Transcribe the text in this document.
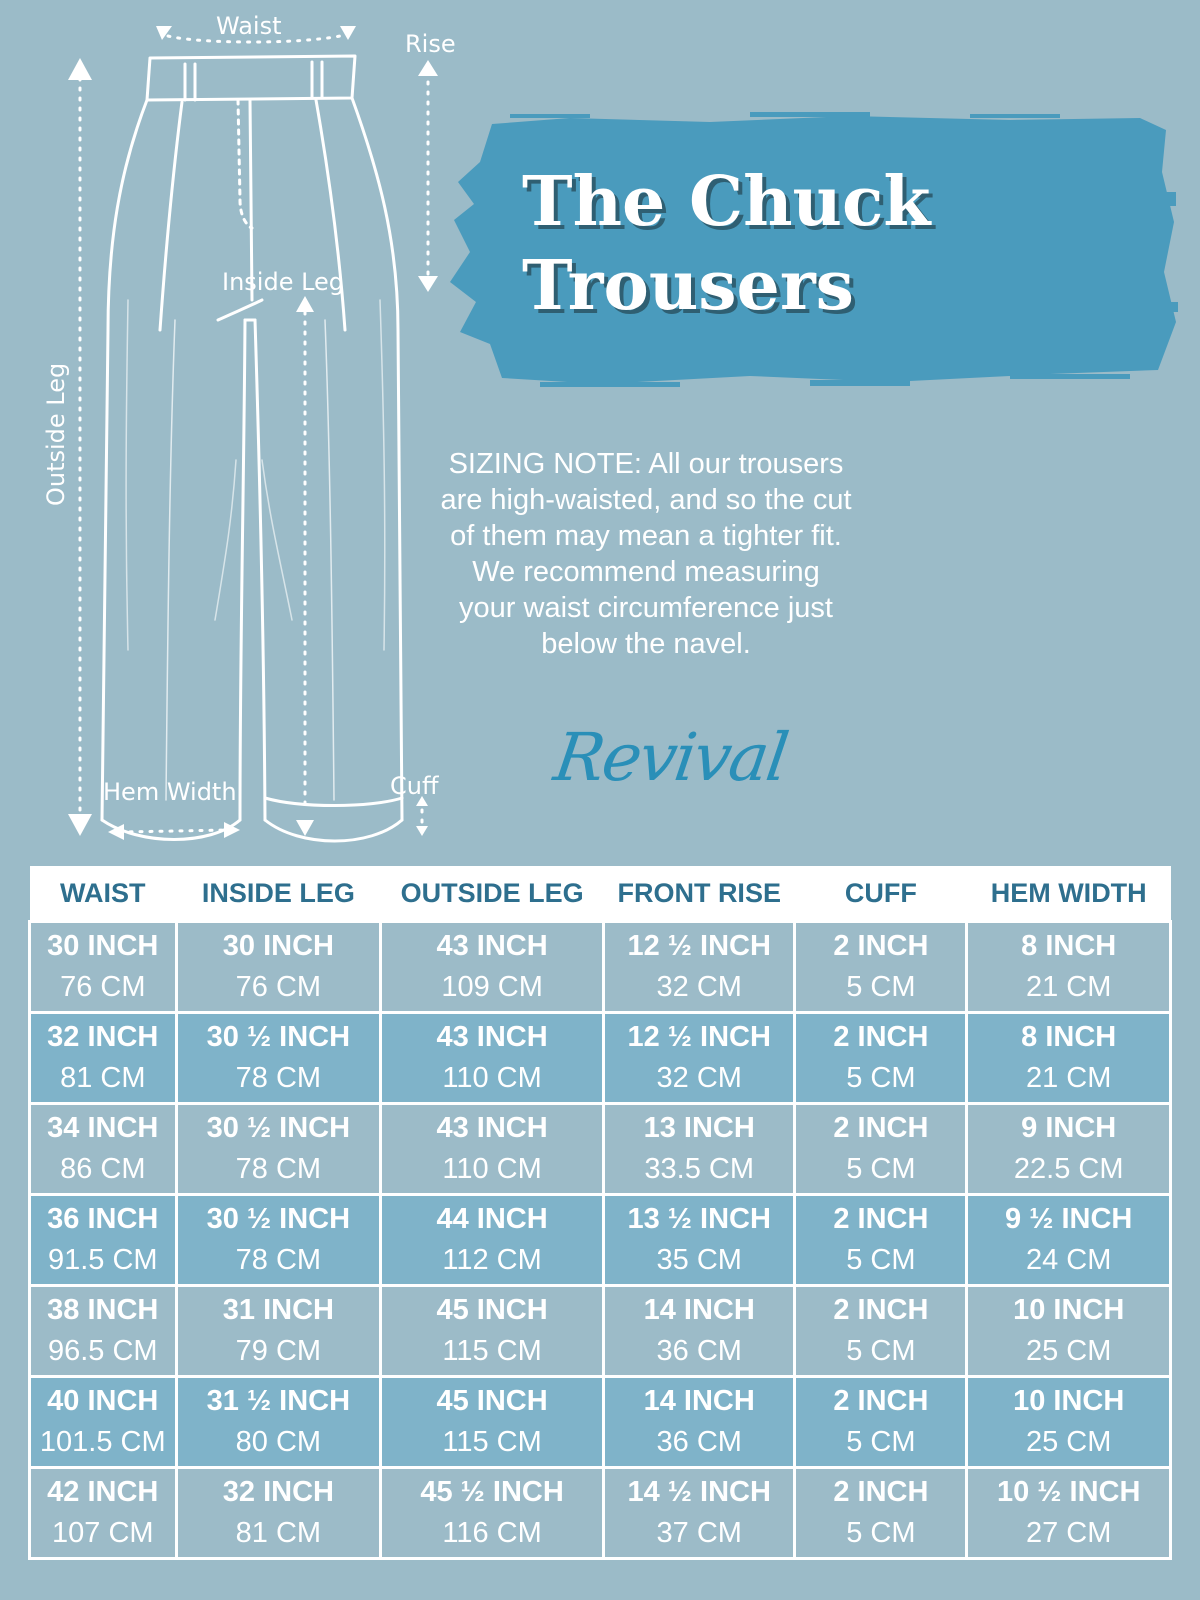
Waist
Rise
Inside Leg
Outside Leg
Hem Width	Cuff
The Chuck
Trousers

SIZING NOTE: All our trousers are high-waisted, and so the cut of them may mean a tighter fit. We recommend measuring your waist circumference just below the navel.

Revival
WAIST	INSIDE LEG	OUTSIDE LEG	FRONT RISE	CUFF	HEM WIDTH

30 INCH
76 CM	30 INCH
76 CM	43 INCH
109 CM	12 ½ INCH
32 CM	2 INCH
5 CM	8 INCH
21 CM

32 INCH
81 CM	30 ½ INCH
78 CM	43 INCH
110 CM	12 ½ INCH
32 CM	2 INCH
5 CM	8 INCH
21 CM

34 INCH
86 CM	30 ½ INCH
78 CM	43 INCH
110 CM	13 INCH
33.5 CM	2 INCH
5 CM	9 INCH
22.5 CM

36 INCH
91.5 CM	30 ½ INCH
78 CM	44 INCH
112 CM	13 ½ INCH
35 CM	2 INCH
5 CM	9 ½ INCH
24 CM

38 INCH
96.5 CM	31 INCH
79 CM	45 INCH
115 CM	14 INCH
36 CM	2 INCH
5 CM	10 INCH
25 CM

40 INCH
101.5 CM	31 ½ INCH
80 CM	45 INCH
115 CM	14 INCH
36 CM	2 INCH
5 CM	10 INCH
25 CM

42 INCH
107 CM	32 INCH
81 CM	45 ½ INCH
116 CM	14 ½ INCH
37 CM	2 INCH
5 CM	10 ½ INCH
27 CM
